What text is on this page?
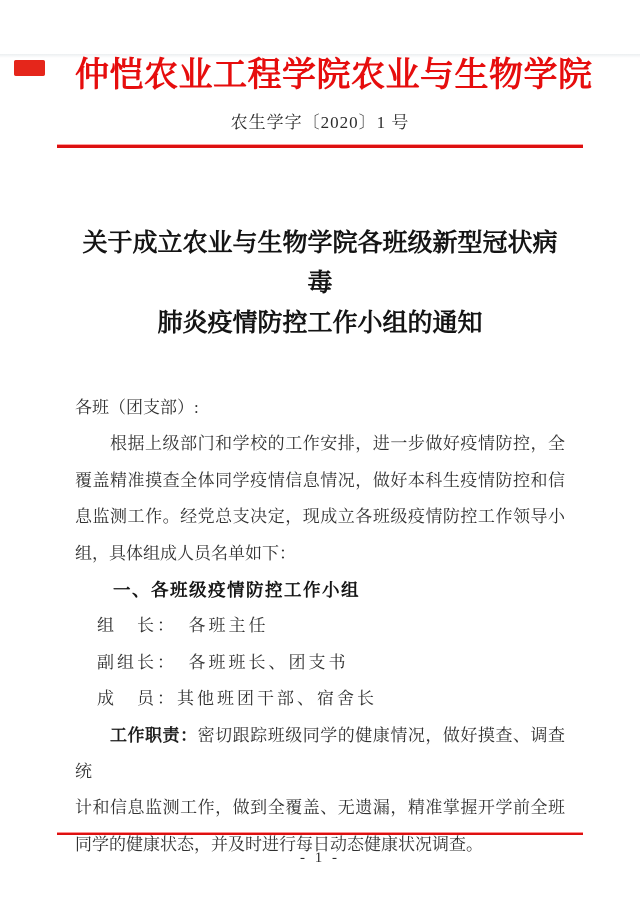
仲恺农业工程学院农业与生物学院
农生学字〔2020〕1 号
关于成立农业与生物学院各班级新型冠状病毒
肺炎疫情防控工作小组的通知
各班（团支部）:
根据上级部门和学校的工作安排，进一步做好疫情防控，全
覆盖精准摸查全体同学疫情信息情况，做好本科生疫情防控和信
息监测工作。经党总支决定，现成立各班级疫情防控工作领导小
组，具体组成人员名单如下：
一、各班级疫情防控工作小组
组　长：　各班主任
副组长：　各班班长、团支书
成　员：其他班团干部、宿舍长
工作职责：密切跟踪班级同学的健康情况，做好摸查、调查统
计和信息监测工作，做到全覆盖、无遗漏，精准掌握开学前全班
同学的健康状态，并及时进行每日动态健康状况调查。
- 1 -
